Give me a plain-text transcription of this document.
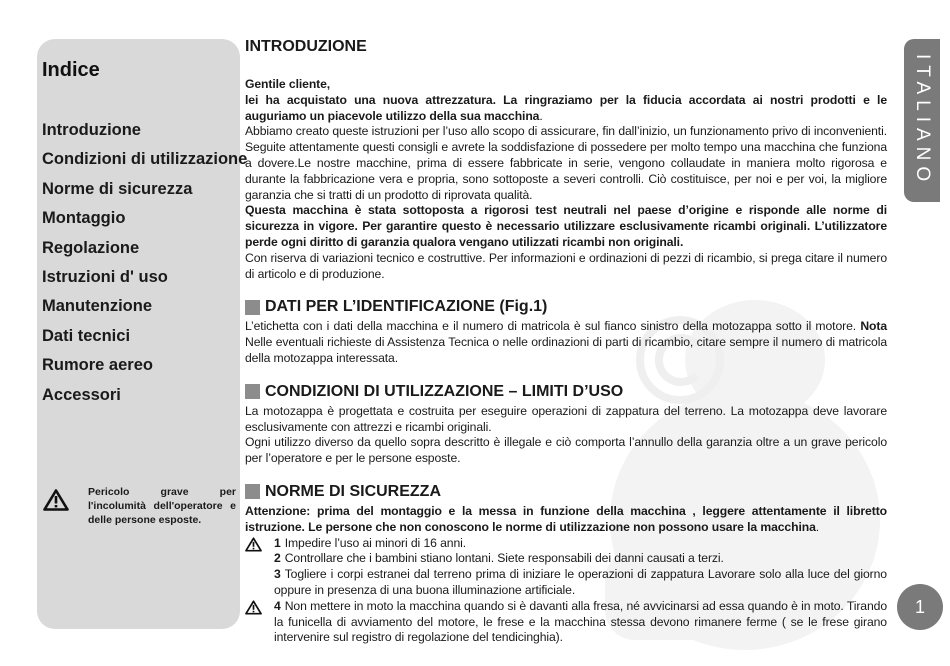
Indice
Introduzione
Condizioni di utilizzazione
Norme di sicurezza
Montaggio
Regolazione
Istruzioni d' uso
Manutenzione
Dati tecnici
Rumore aereo
Accessori
Pericolo grave per l'incolumità dell'operatore e delle persone esposte.
INTRODUZIONE

Gentile cliente,

lei ha acquistato una nuova attrezzatura. La ringraziamo per la fiducia accordata ai nostri prodotti e le auguriamo un piacevole utilizzo della sua macchina.

Abbiamo creato queste istruzioni per l’uso allo scopo di assicurare, fin dall’inizio, un funzionamento privo di inconvenienti. Seguite attentamente questi consigli e avrete la soddisfazione di possedere per molto tempo una macchina che funziona a dovere.Le nostre macchine, prima di essere fabbricate in serie, vengono collaudate in maniera molto rigorosa e durante la fabbricazione vera e propria, sono sottoposte a severi controlli. Ciò costituisce, per noi e per voi, la migliore garanzia che si tratti di un prodotto di riprovata qualità.

Questa macchina è stata sottoposta a rigorosi test neutrali nel paese d’origine e risponde alle norme di sicurezza in vigore. Per garantire questo è necessario utilizzare esclusivamente ricambi originali. L’utilizzatore perde ogni diritto di garanzia qualora vengano utilizzati ricambi non originali.

Con riserva di variazioni tecnico e costruttive. Per informazioni e ordinazioni di pezzi di ricambio, si prega citare il numero di articolo e di produzione.

DATI PER L’IDENTIFICAZIONE (Fig.1)

L’etichetta con i dati della macchina e il numero di matricola è sul fianco sinistro della motozappa sotto il motore. Nota Nelle eventuali richieste di Assistenza Tecnica o nelle ordinazioni di parti di ricambio, citare sempre il numero di matricola della motozappa interessata.

CONDIZIONI DI UTILIZZAZIONE – LIMITI D’USO

La motozappa è progettata e costruita per eseguire operazioni di zappatura del terreno. La motozappa deve lavorare esclusivamente con attrezzi e ricambi originali.

Ogni utilizzo diverso da quello sopra descritto è illegale e ciò comporta l’annullo della garanzia oltre a un grave pericolo per l’operatore e per le persone esposte.

NORME DI SICUREZZA

Attenzione: prima del montaggio e la messa in funzione della macchina , leggere attentamente il libretto istruzione. Le persone che non conoscono le norme di utilizzazione non possono usare la macchina.

1 Impedire l’uso ai minori di 16 anni.

2 Controllare che i bambini stiano lontani. Siete responsabili dei danni causati a terzi.

3 Togliere i corpi estranei dal terreno prima di iniziare le operazioni di zappatura Lavorare solo alla luce del giorno oppure in presenza di una buona illuminazione artificiale.

4 Non mettere in moto la macchina quando si è davanti alla fresa, né avvicinarsi ad essa quando è in moto. Tirando la funicella di avviamento del motore, le frese e la macchina stessa devono rimanere ferme ( se le frese girano intervenire sul registro di regolazione del tendicinghia).

ITALIANO
1
